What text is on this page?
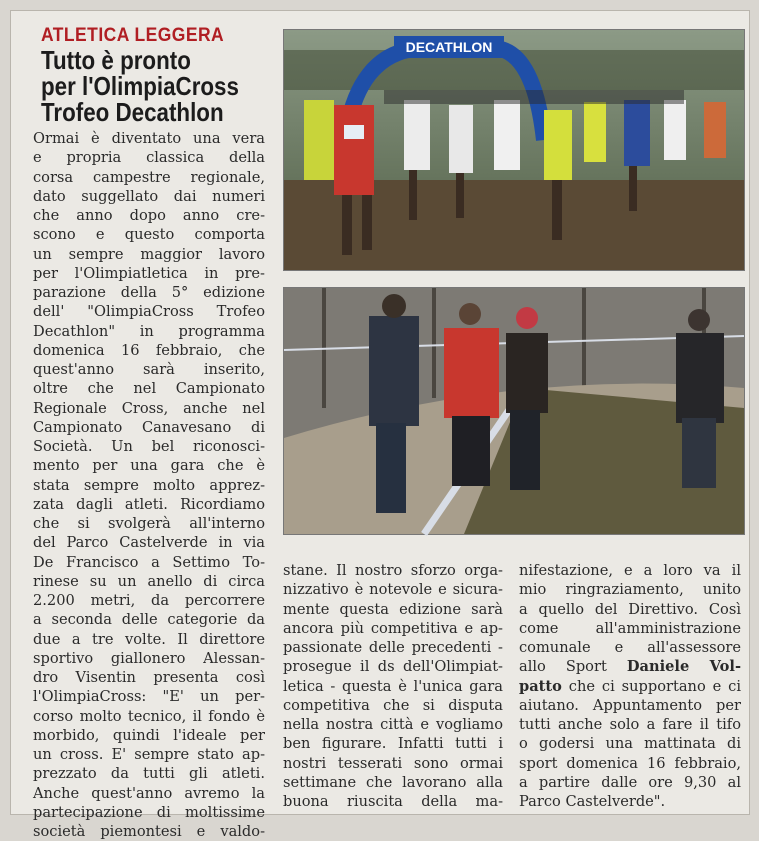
ATLETICA LEGGERA
Tutto è pronto
per l'OlimpiaCross
Trofeo Decathlon
Ormai è diventato una vera
e propria classica della
corsa campestre regionale,
dato suggellato dai numeri
che anno dopo anno cre-
scono e questo comporta
un sempre maggior lavoro
per l'Olimpiatletica in pre-
parazione della 5° edizione
dell' "OlimpiaCross Trofeo
Decathlon" in programma
domenica 16 febbraio, che
quest'anno sarà inserito,
oltre che nel Campionato
Regionale Cross, anche nel
Campionato Canavesano di
Società. Un bel riconosci-
mento per una gara che è
stata sempre molto apprez-
zata dagli atleti. Ricordiamo
che si svolgerà all'interno
del Parco Castelverde in via
De Francisco a Settimo To-
rinese su un anello di circa
2.200 metri, da percorrere
a seconda delle categorie da
due a tre volte. Il direttore
sportivo giallonero Alessan-
dro Visentin presenta così
l'OlimpiaCross: "E' un per-
corso molto tecnico, il fondo è
morbido, quindi l'ideale per
un cross. E' sempre stato ap-
prezzato da tutti gli atleti.
Anche quest'anno avremo la
partecipazione di moltissime
società piemontesi e valdo-
stane. Il nostro sforzo orga-
nizzativo è notevole e sicura-
mente questa edizione sarà
ancora più competitiva e ap-
passionate delle precedenti -
prosegue il ds dell'Olimpiat-
letica - questa è l'unica gara
competitiva che si disputa
nella nostra città e vogliamo
ben figurare. Infatti tutti i
nostri tesserati sono ormai
settimane che lavorano alla
buona riuscita della ma-
nifestazione, e a loro va il
mio ringraziamento, unito
a quello del Direttivo. Così
come all'amministrazione
comunale e all'assessore
allo Sport Daniele Vol-
patto che ci supportano e ci
aiutano. Appuntamento per
tutti anche solo a fare il tifo
o godersi una mattinata di
sport domenica 16 febbraio,
a partire dalle ore 9,30 al
Parco Castelverde".
DECATHLON
